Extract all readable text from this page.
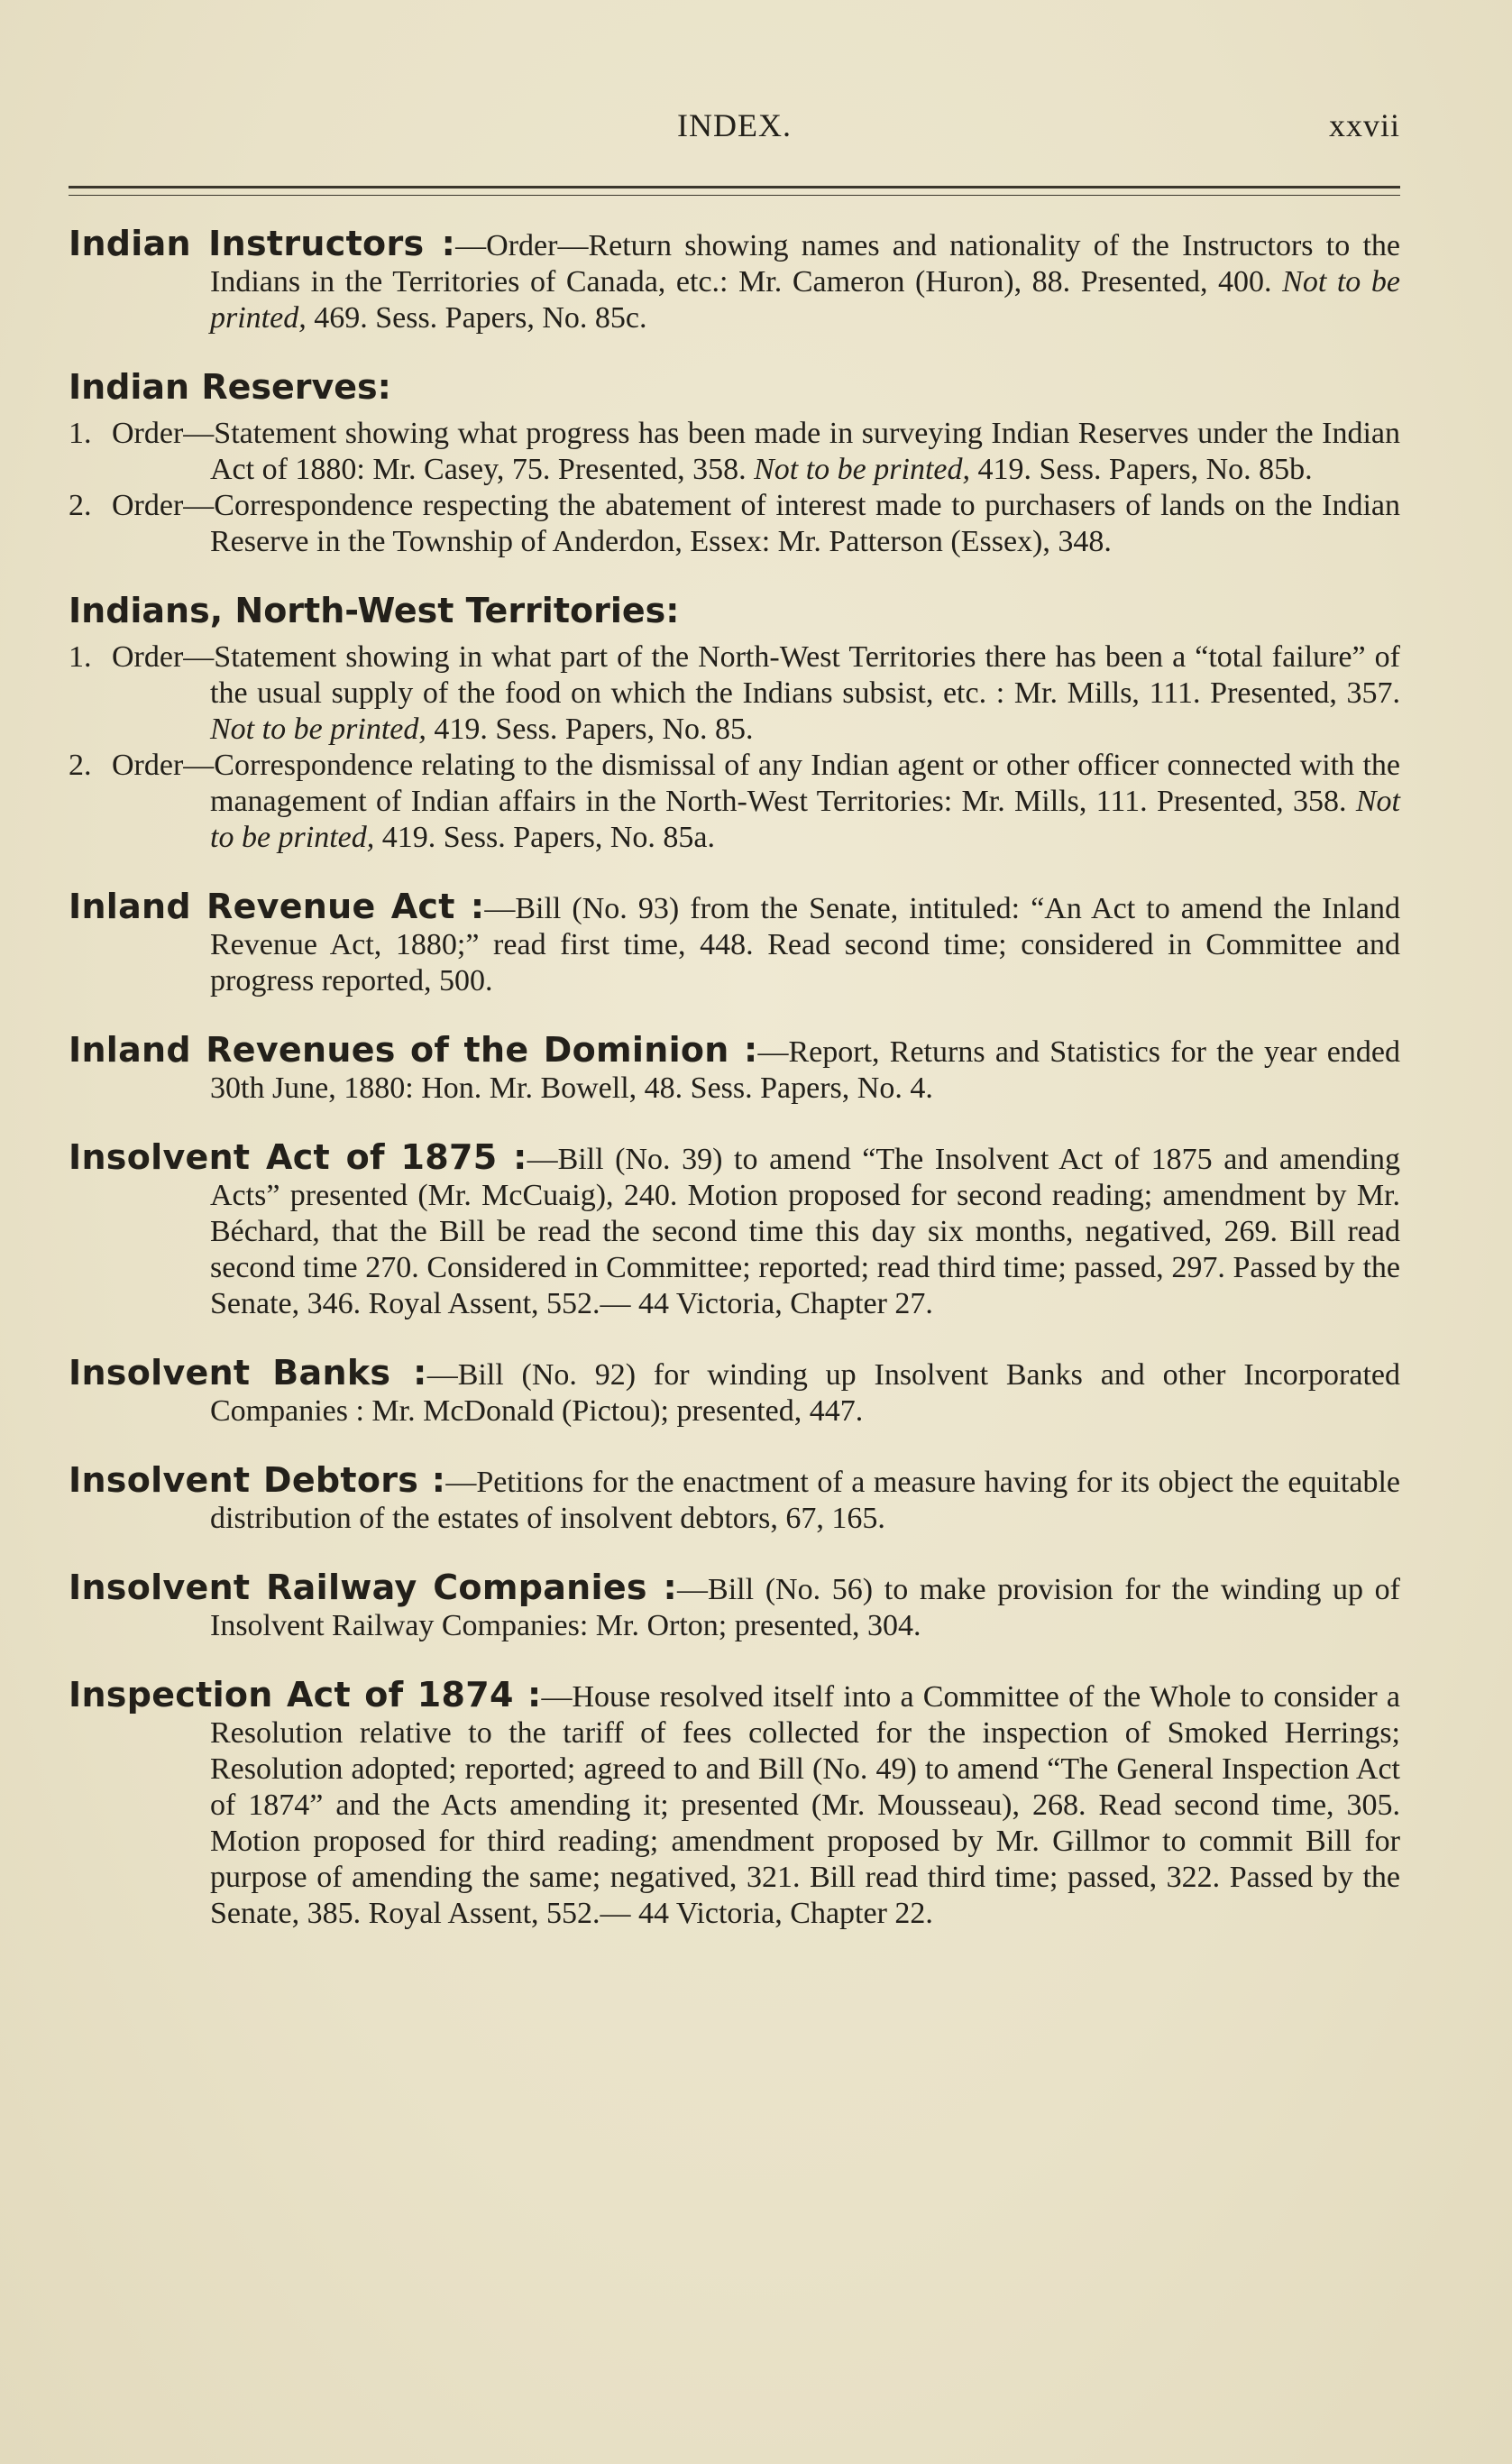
INDEX.	xxvii

Indian Instructors :—Order—Return showing names and nationality of the Instructors to the Indians in the Territories of Canada, etc.: Mr. Cameron (Huron), 88. Presented, 400. Not to be printed, 469. Sess. Papers, No. 85c.

Indian Reserves:

1. Order—Statement showing what progress has been made in surveying Indian Reserves under the Indian Act of 1880: Mr. Casey, 75. Presented, 358. Not to be printed, 419. Sess. Papers, No. 85b.

2. Order—Correspondence respecting the abatement of interest made to purchasers of lands on the Indian Reserve in the Township of Anderdon, Essex: Mr. Patterson (Essex), 348.

Indians, North-West Territories:

1. Order—Statement showing in what part of the North-West Territories there has been a “total failure” of the usual supply of the food on which the Indians subsist, etc. : Mr. Mills, 111. Presented, 357. Not to be printed, 419. Sess. Papers, No. 85.

2. Order—Correspondence relating to the dismissal of any Indian agent or other officer connected with the management of Indian affairs in the North-West Territories: Mr. Mills, 111. Presented, 358. Not to be printed, 419. Sess. Papers, No. 85a.

Inland Revenue Act :—Bill (No. 93) from the Senate, intituled: “An Act to amend the Inland Revenue Act, 1880;” read first time, 448. Read second time; considered in Committee and progress reported, 500.

Inland Revenues of the Dominion :—Report, Returns and Statistics for the year ended 30th June, 1880: Hon. Mr. Bowell, 48. Sess. Papers, No. 4.

Insolvent Act of 1875 :—Bill (No. 39) to amend “The Insolvent Act of 1875 and amending Acts” presented (Mr. McCuaig), 240. Motion proposed for second reading; amendment by Mr. Béchard, that the Bill be read the second time this day six months, negatived, 269. Bill read second time 270. Considered in Committee; reported; read third time; passed, 297. Passed by the Senate, 346. Royal Assent, 552.— 44 Victoria, Chapter 27.

Insolvent Banks :—Bill (No. 92) for winding up Insolvent Banks and other Incorporated Companies : Mr. McDonald (Pictou); presented, 447.

Insolvent Debtors :—Petitions for the enactment of a measure having for its object the equitable distribution of the estates of insolvent debtors, 67, 165.

Insolvent Railway Companies :—Bill (No. 56) to make provision for the winding up of Insolvent Railway Companies: Mr. Orton; presented, 304.

Inspection Act of 1874 :—House resolved itself into a Committee of the Whole to consider a Resolution relative to the tariff of fees collected for the inspection of Smoked Herrings; Resolution adopted; reported; agreed to and Bill (No. 49) to amend “The General Inspection Act of 1874” and the Acts amending it; presented (Mr. Mousseau), 268. Read second time, 305. Motion proposed for third reading; amendment proposed by Mr. Gillmor to commit Bill for purpose of amending the same; negatived, 321. Bill read third time; passed, 322. Passed by the Senate, 385. Royal Assent, 552.— 44 Victoria, Chapter 22.
